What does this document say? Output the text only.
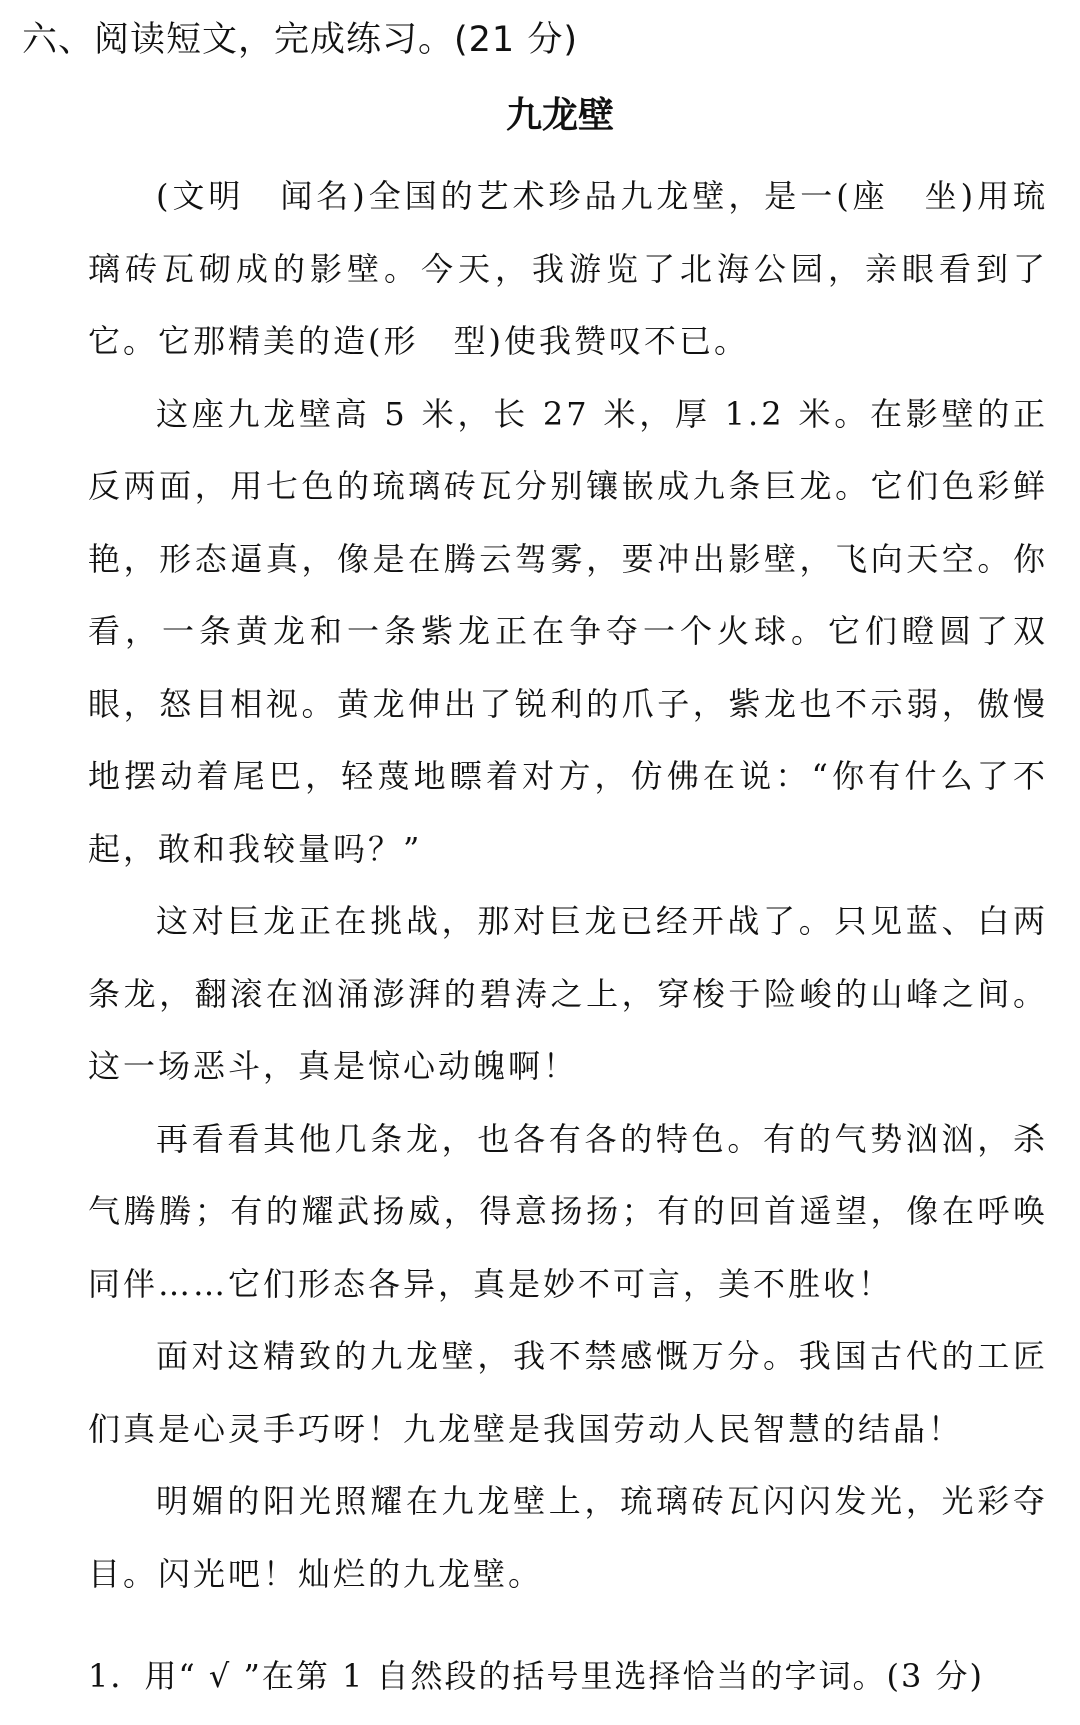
六、阅读短文，完成练习。(21 分)
九龙壁

(文明　闻名)全国的艺术珍品九龙壁，是一(座　坐)用琉璃砖瓦砌成的影壁。今天，我游览了北海公园，亲眼看到了它。它那精美的造(形　型)使我赞叹不已。

这座九龙壁高 5 米，长 27 米，厚 1.2 米。在影壁的正反两面，用七色的琉璃砖瓦分别镶嵌成九条巨龙。它们色彩鲜艳，形态逼真，像是在腾云驾雾，要冲出影壁，飞向天空。你看，一条黄龙和一条紫龙正在争夺一个火球。它们瞪圆了双眼，怒目相视。黄龙伸出了锐利的爪子，紫龙也不示弱，傲慢地摆动着尾巴，轻蔑地瞟着对方，仿佛在说：“你有什么了不起，敢和我较量吗？”

这对巨龙正在挑战，那对巨龙已经开战了。只见蓝、白两条龙，翻滚在汹涌澎湃的碧涛之上，穿梭于险峻的山峰之间。这一场恶斗，真是惊心动魄啊！

再看看其他几条龙，也各有各的特色。有的气势汹汹，杀气腾腾；有的耀武扬威，得意扬扬；有的回首遥望，像在呼唤同伴……它们形态各异，真是妙不可言，美不胜收！

面对这精致的九龙壁，我不禁感慨万分。我国古代的工匠们真是心灵手巧呀！九龙壁是我国劳动人民智慧的结晶！

明媚的阳光照耀在九龙壁上，琉璃砖瓦闪闪发光，光彩夺目。闪光吧！灿烂的九龙壁。

1．用“ √ ”在第 1 自然段的括号里选择恰当的字词。(3 分)
